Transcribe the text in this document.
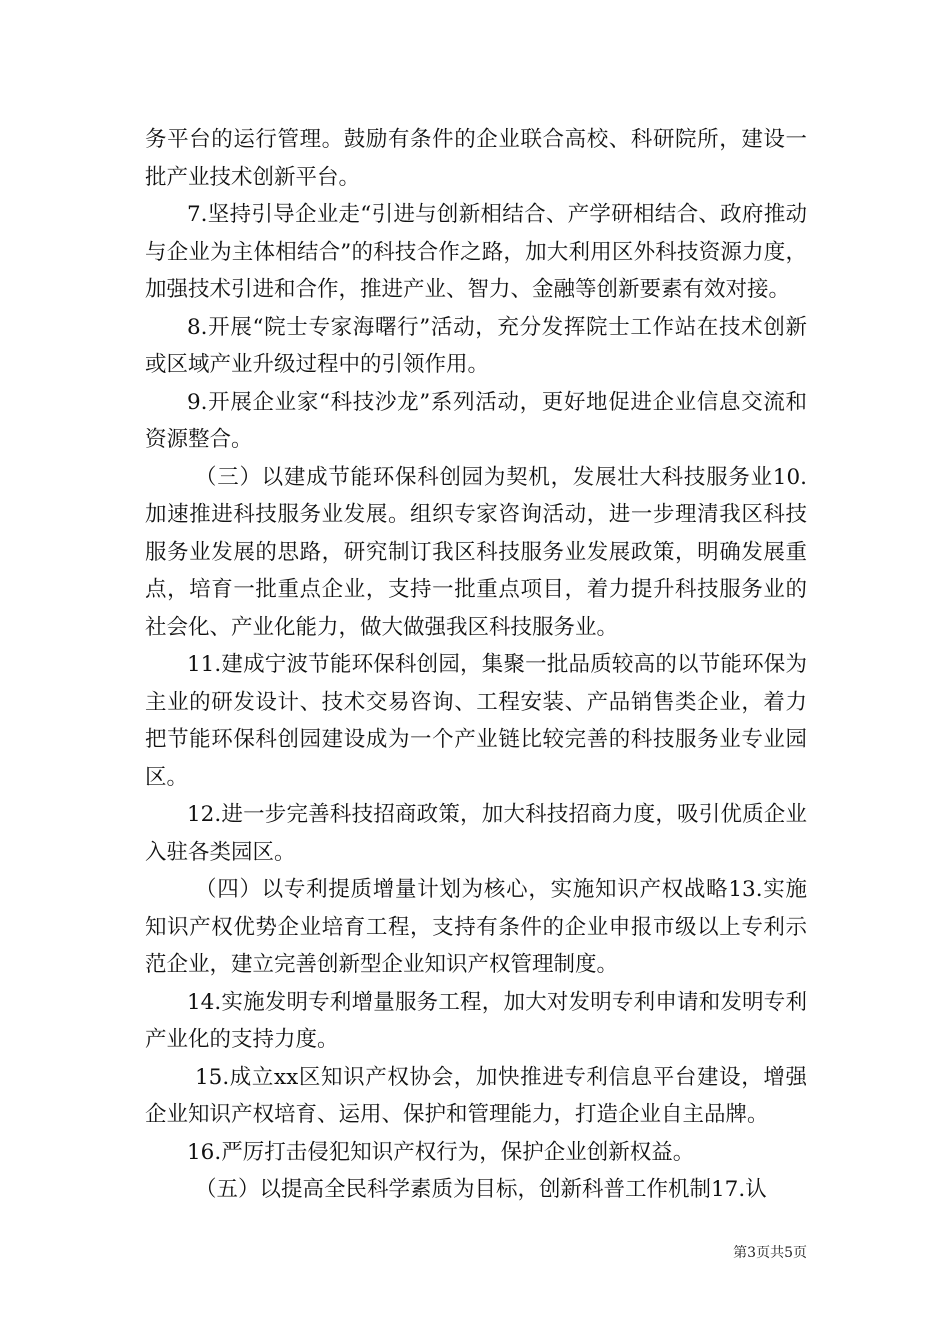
务平台的运行管理。鼓励有条件的企业联合高校、科研院所，建设一批产业技术创新平台。

7.坚持引导企业走“引进与创新相结合、产学研相结合、政府推动与企业为主体相结合”的科技合作之路，加大利用区外科技资源力度，加强技术引进和合作，推进产业、智力、金融等创新要素有效对接。

8.开展“院士专家海曙行”活动，充分发挥院士工作站在技术创新或区域产业升级过程中的引领作用。

9.开展企业家“科技沙龙”系列活动，更好地促进企业信息交流和资源整合。

（三）以建成节能环保科创园为契机，发展壮大科技服务业10.加速推进科技服务业发展。组织专家咨询活动，进一步理清我区科技服务业发展的思路，研究制订我区科技服务业发展政策，明确发展重点，培育一批重点企业，支持一批重点项目，着力提升科技服务业的社会化、产业化能力，做大做强我区科技服务业。

11.建成宁波节能环保科创园，集聚一批品质较高的以节能环保为主业的研发设计、技术交易咨询、工程安装、产品销售类企业，着力把节能环保科创园建设成为一个产业链比较完善的科技服务业专业园区。

12.进一步完善科技招商政策，加大科技招商力度，吸引优质企业入驻各类园区。

（四）以专利提质增量计划为核心，实施知识产权战略13.实施知识产权优势企业培育工程，支持有条件的企业申报市级以上专利示范企业，建立完善创新型企业知识产权管理制度。

14.实施发明专利增量服务工程，加大对发明专利申请和发明专利产业化的支持力度。

15.成立xx区知识产权协会，加快推进专利信息平台建设，增强企业知识产权培育、运用、保护和管理能力，打造企业自主品牌。

16.严厉打击侵犯知识产权行为，保护企业创新权益。

（五）以提高全民科学素质为目标，创新科普工作机制17.认

第3页共5页
